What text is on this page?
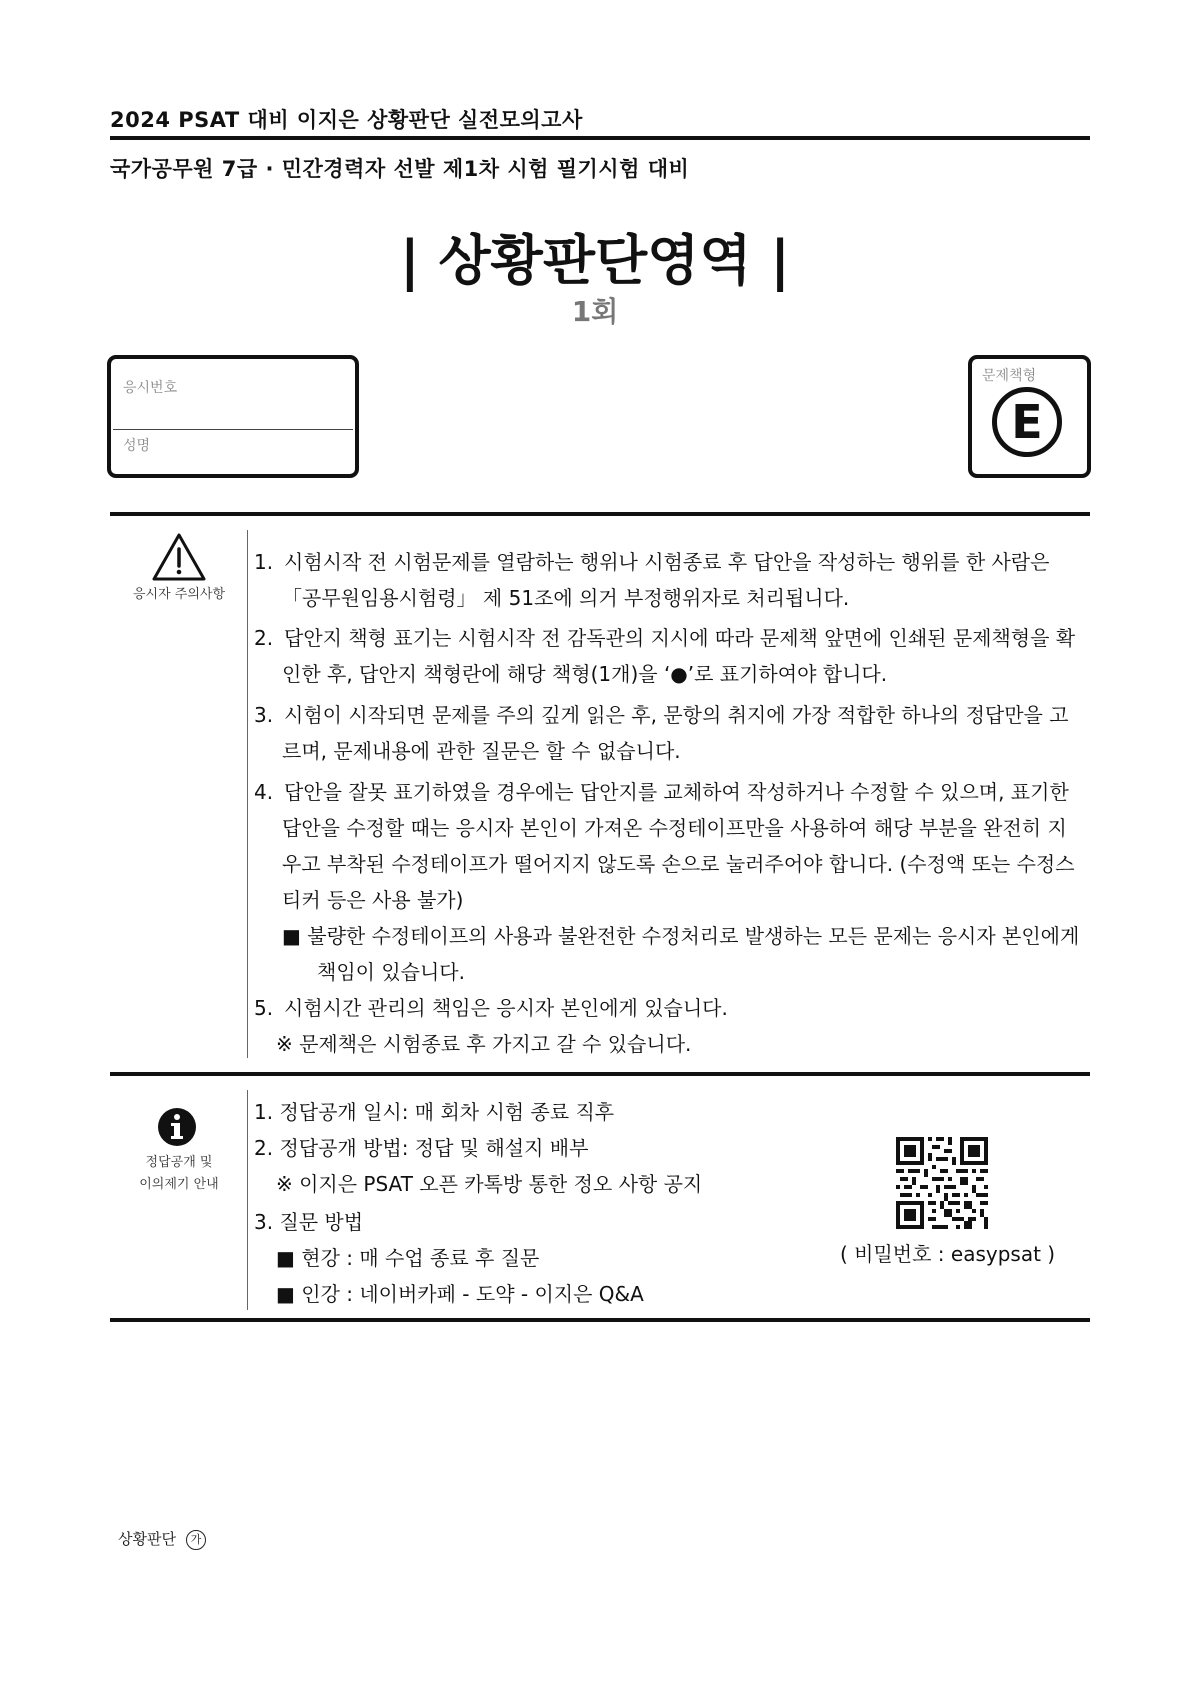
2024 PSAT 대비 이지은 상황판단 실전모의고사
국가공무원 7급 · 민간경력자 선발 제1차 시험 필기시험 대비
| 상황판단영역 |
1회
응시번호
성명
문제책형
E
응시자 주의사항
1. 시험시작 전 시험문제를 열람하는 행위나 시험종료 후 답안을 작성하는 행위를 한 사람은
「공무원임용시험령」 제 51조에 의거 부정행위자로 처리됩니다.
2. 답안지 책형 표기는 시험시작 전 감독관의 지시에 따라 문제책 앞면에 인쇄된 문제책형을 확
인한 후, 답안지 책형란에 해당 책형(1개)을 ‘●’로 표기하여야 합니다.
3. 시험이 시작되면 문제를 주의 깊게 읽은 후, 문항의 취지에 가장 적합한 하나의 정답만을 고
르며, 문제내용에 관한 질문은 할 수 없습니다.
4. 답안을 잘못 표기하였을 경우에는 답안지를 교체하여 작성하거나 수정할 수 있으며, 표기한
답안을 수정할 때는 응시자 본인이 가져온 수정테이프만을 사용하여 해당 부분을 완전히 지
우고 부착된 수정테이프가 떨어지지 않도록 손으로 눌러주어야 합니다. (수정액 또는 수정스
티커 등은 사용 불가)
■ 불량한 수정테이프의 사용과 불완전한 수정처리로 발생하는 모든 문제는 응시자 본인에게
책임이 있습니다.
5. 시험시간 관리의 책임은 응시자 본인에게 있습니다.
※ 문제책은 시험종료 후 가지고 갈 수 있습니다.
정답공개 및
이의제기 안내
1. 정답공개 일시: 매 회차 시험 종료 직후
2. 정답공개 방법: 정답 및 해설지 배부
※ 이지은 PSAT 오픈 카톡방 통한 정오 사항 공지
3. 질문 방법
■ 현강 : 매 수업 종료 후 질문
■ 인강 : 네이버카페 - 도약 - 이지은 Q&A
( 비밀번호 : easypsat )
상황판단 가
